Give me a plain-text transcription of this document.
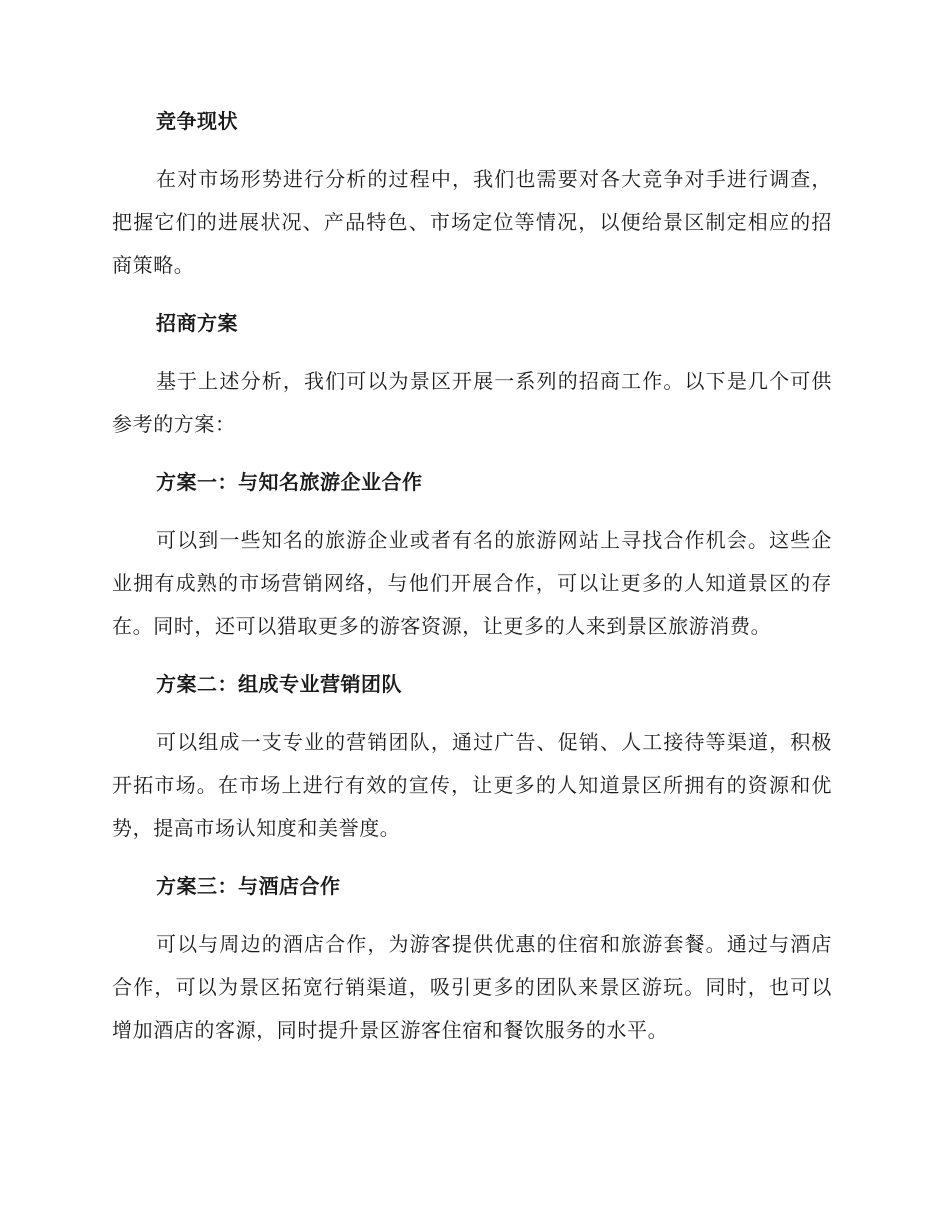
竞争现状

在对市场形势进行分析的过程中，我们也需要对各大竞争对手进行调查，把握它们的进展状况、产品特色、市场定位等情况，以便给景区制定相应的招商策略。

招商方案

基于上述分析，我们可以为景区开展一系列的招商工作。以下是几个可供参考的方案：

方案一：与知名旅游企业合作

可以到一些知名的旅游企业或者有名的旅游网站上寻找合作机会。这些企业拥有成熟的市场营销网络，与他们开展合作，可以让更多的人知道景区的存在。同时，还可以猎取更多的游客资源，让更多的人来到景区旅游消费。

方案二：组成专业营销团队

可以组成一支专业的营销团队，通过广告、促销、人工接待等渠道，积极开拓市场。在市场上进行有效的宣传，让更多的人知道景区所拥有的资源和优势，提高市场认知度和美誉度。

方案三：与酒店合作

可以与周边的酒店合作，为游客提供优惠的住宿和旅游套餐。通过与酒店合作，可以为景区拓宽行销渠道，吸引更多的团队来景区游玩。同时，也可以增加酒店的客源，同时提升景区游客住宿和餐饮服务的水平。
